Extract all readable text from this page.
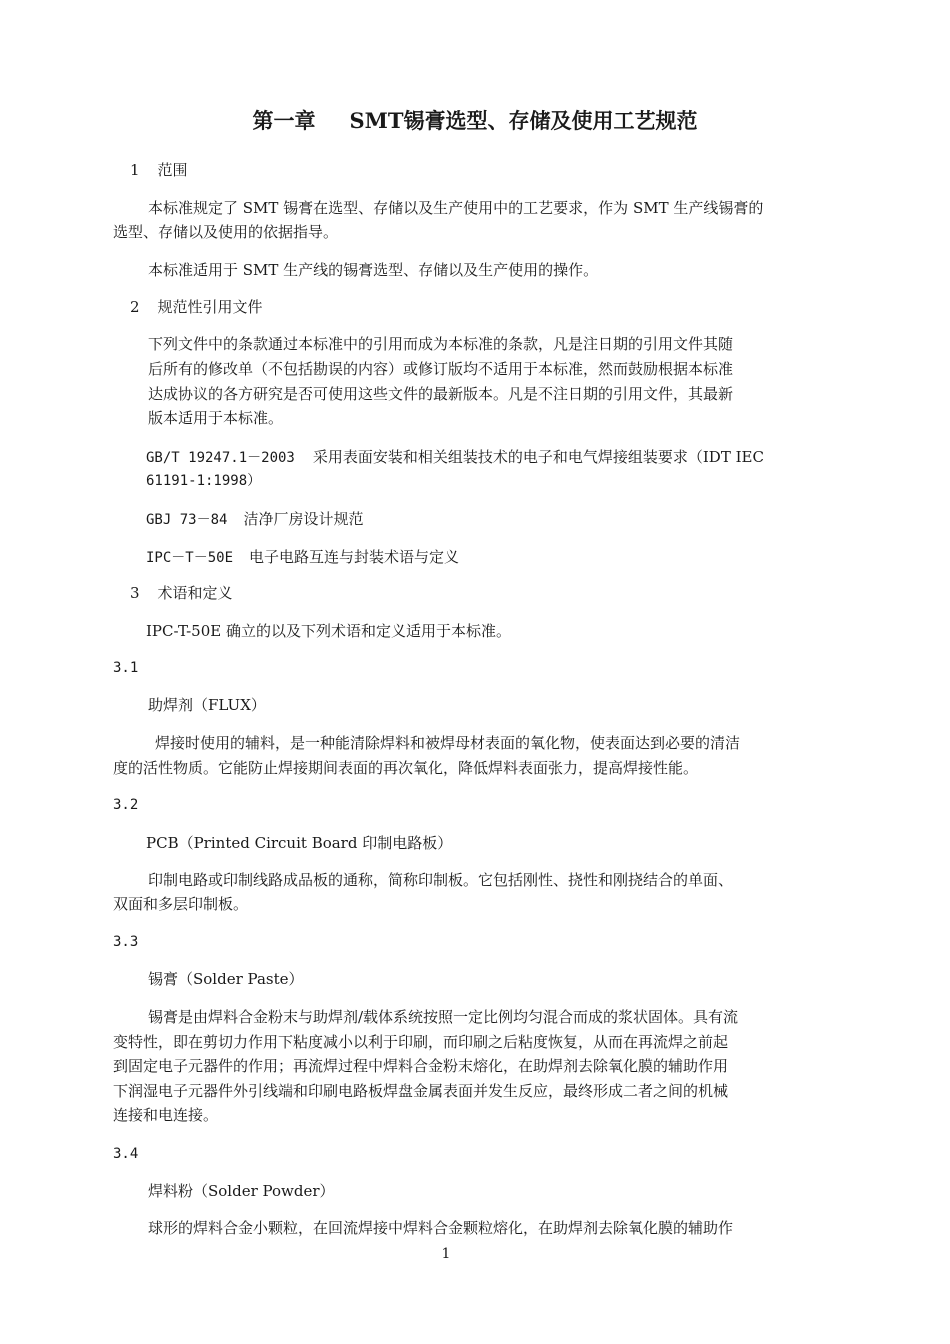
第一章 SMT锡膏选型、存储及使用工艺规范
1 范围
本标准规定了 SMT 锡膏在选型、存储以及生产使用中的工艺要求，作为 SMT 生产线锡膏的
选型、存储以及使用的依据指导。
本标准适用于 SMT 生产线的锡膏选型、存储以及生产使用的操作。
2 规范性引用文件
下列文件中的条款通过本标准中的引用而成为本标准的条款，凡是注日期的引用文件其随
后所有的修改单（不包括勘误的内容）或修订版均不适用于本标准，然而鼓励根据本标准
达成协议的各方研究是否可使用这些文件的最新版本。凡是不注日期的引用文件，其最新
版本适用于本标准。
GB/T 19247.1－2003 采用表面安装和相关组装技术的电子和电气焊接组装要求（IDT IEC
61191-1:1998）
GBJ 73－84 洁净厂房设计规范
IPC－T－50E 电子电路互连与封装术语与定义
3 术语和定义
IPC-T-50E 确立的以及下列术语和定义适用于本标准。
3.1
助焊剂（FLUX）
焊接时使用的辅料，是一种能清除焊料和被焊母材表面的氧化物，使表面达到必要的清洁
度的活性物质。它能防止焊接期间表面的再次氧化，降低焊料表面张力，提高焊接性能。
3.2
PCB（Printed Circuit Board 印制电路板）
印制电路或印制线路成品板的通称，简称印制板。它包括刚性、挠性和刚挠结合的单面、
双面和多层印制板。
3.3
锡膏（Solder Paste）
锡膏是由焊料合金粉末与助焊剂/载体系统按照一定比例均匀混合而成的浆状固体。具有流
变特性，即在剪切力作用下粘度减小以利于印刷，而印刷之后粘度恢复，从而在再流焊之前起
到固定电子元器件的作用；再流焊过程中焊料合金粉末熔化，在助焊剂去除氧化膜的辅助作用
下润湿电子元器件外引线端和印刷电路板焊盘金属表面并发生反应，最终形成二者之间的机械
连接和电连接。
3.4
焊料粉（Solder Powder）
球形的焊料合金小颗粒，在回流焊接中焊料合金颗粒熔化，在助焊剂去除氧化膜的辅助作
1
